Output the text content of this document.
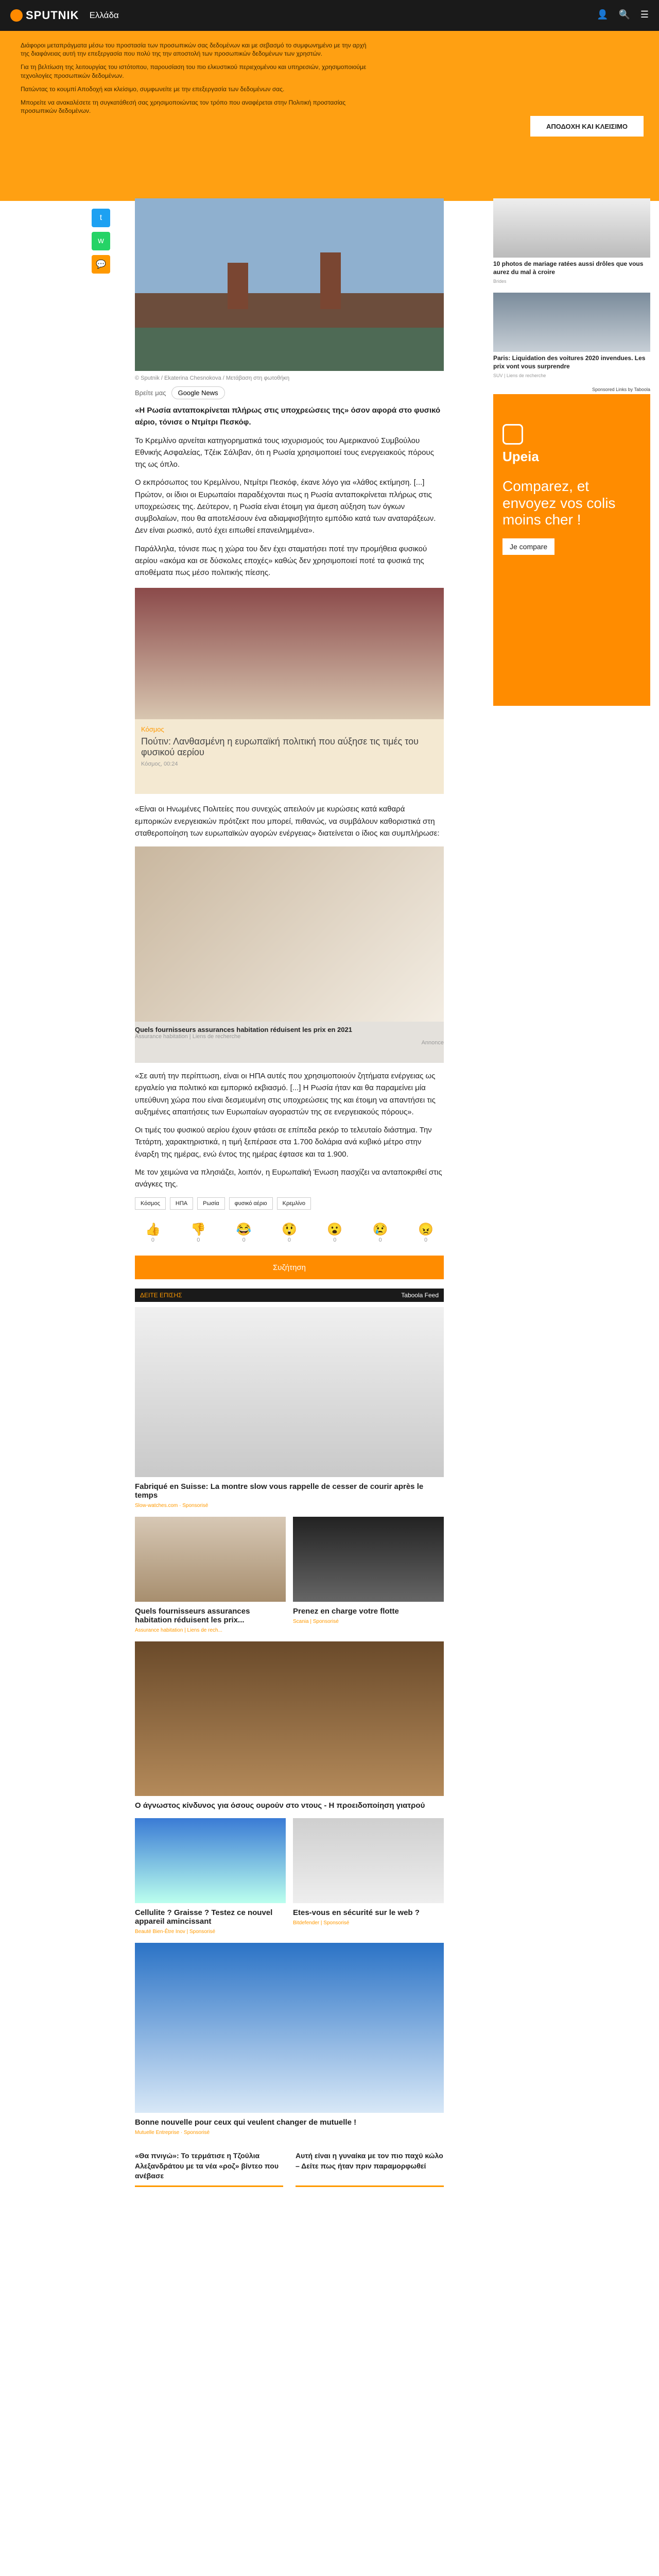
SPUTNIK Ελλάδα	👤 🔍 ☰

Διάφοροι μεταπράγματα μέσω του προστασία των προσωπικών σας δεδομένων και με σεβασμό το συμφωνημένο με την αρχή της διαφάνειας αυτή την επεξεργασία που πολύ της την αποστολή των προσωπικών δεδομένων των χρηστών.

Για τη βελτίωση της λειτουργίας του ιστότοπου, παρουσίαση του πιο ελκυστικού περιεχομένου και υπηρεσιών, χρησιμοποιούμε τεχνολογίες προσωπικών δεδομένων.

Πατώντας το κουμπί Αποδοχή και κλείσιμο, συμφωνείτε με την επεξεργασία των δεδομένων σας.

Μπορείτε να ανακαλέσετε τη συγκατάθεσή σας χρησιμοποιώντας τον τρόπο που αναφέρεται στην Πολιτική προστασίας προσωπικών δεδομένων.

ΑΠΟΔΟΧΗ ΚΑΙ ΚΛΕΙΣΙΜΟ
t
w
💬
© Sputnik / Ekaterina Chesnokova / Μετάβαση στη φωτοθήκη
Βρείτε μας	Google News

«Η Ρωσία ανταποκρίνεται πλήρως στις υποχρεώσεις της» όσον αφορά στο φυσικό αέριο, τόνισε ο Ντμίτρι Πεσκόφ.

Το Κρεμλίνο αρνείται κατηγορηματικά τους ισχυρισμούς του Αμερικανού Συμβούλου Εθνικής Ασφαλείας, Τζέικ Σάλιβαν, ότι η Ρωσία χρησιμοποιεί τους ενεργειακούς πόρους της ως όπλο.

Ο εκπρόσωπος του Κρεμλίνου, Ντμίτρι Πεσκόφ, έκανε λόγο για «λάθος εκτίμηση. [...] Πρώτον, οι ίδιοι οι Ευρωπαίοι παραδέχονται πως η Ρωσία ανταποκρίνεται πλήρως στις υποχρεώσεις της. Δεύτερον, η Ρωσία είναι έτοιμη για άμεση αύξηση των όγκων συμβολαίων, που θα αποτελέσουν ένα αδιαμφισβήτητο εμπόδιο κατά των αναταράξεων. Δεν είναι ρωσικό, αυτό έχει ειπωθεί επανειλημμένα».

Παράλληλα, τόνισε πως η χώρα του δεν έχει σταματήσει ποτέ την προμήθεια φυσικού αερίου «ακόμα και σε δύσκολες εποχές» καθώς δεν χρησιμοποιεί ποτέ τα φυσικά της αποθέματα πως μέσο πολιτικής πίεσης.

Κόσμος
Πούτιν: Λανθασμένη η ευρωπαϊκή πολιτική που αύξησε τις τιμές του φυσικού αερίου
Κόσμος, 00:24

«Είναι οι Ηνωμένες Πολιτείες που συνεχώς απειλούν με κυρώσεις κατά καθαρά εμπορικών ενεργειακών πρότζεκτ που μπορεί, πιθανώς, να συμβάλουν καθοριστικά στη σταθεροποίηση των ευρωπαϊκών αγορών ενέργειας» διατείνεται ο ίδιος και συμπλήρωσε:

Quels fournisseurs assurances habitation réduisent les prix en 2021
Assurance habitation | Liens de recherche
Annonce

«Σε αυτή την περίπτωση, είναι οι ΗΠΑ αυτές που χρησιμοποιούν ζητήματα ενέργειας ως εργαλείο για πολιτικό και εμπορικό εκβιασμό. [...] Η Ρωσία ήταν και θα παραμείνει μία υπεύθυνη χώρα που είναι δεσμευμένη στις υποχρεώσεις της και έτοιμη να απαντήσει τις αυξημένες απαιτήσεις των Ευρωπαίων αγοραστών της σε ενεργειακούς πόρους».

Οι τιμές του φυσικού αερίου έχουν φτάσει σε επίπεδα ρεκόρ το τελευταίο διάστημα. Την Τετάρτη, χαρακτηριστικά, η τιμή ξεπέρασε στα 1.700 δολάρια ανά κυβικό μέτρο στην έναρξη της ημέρας, ενώ έντος της ημέρας έφτασε και τα 1.900.

Με τον χειμώνα να πλησιάζει, λοιπόν, η Ευρωπαϊκή Ένωση πασχίζει να ανταποκριθεί στις ανάγκες της.

Κόσμος	ΗΠΑ	Ρωσία	φυσικό αέριο	Κρεμλίνο
👍
0
👎
0
😂
0
😲
0
😮
0
😢
0
😠
0
Συζήτηση
ΔΕΙΤΕ ΕΠΙΣΗΣ	Taboola Feed
Fabriqué en Suisse: La montre slow vous rappelle de cesser de courir après le temps
Slow-watches.com · Sponsorisé
Quels fournisseurs assurances habitation réduisent les prix...
Assurance habitation | Liens de rech...
Prenez en charge votre flotte
Scania | Sponsorisé
Ο άγνωστος κίνδυνος για όσους ουρούν στο ντους - Η προειδοποίηση γιατρού
Cellulite ? Graisse ? Testez ce nouvel appareil amincissant
Beauté Bien-Être Inov | Sponsorisé
Etes-vous en sécurité sur le web ?
Bitdefender | Sponsorisé
Bonne nouvelle pour ceux qui veulent changer de mutuelle !
Mutuelle Entreprise · Sponsorisé
«Θα πνιγώ»: Το τερμάτισε η Τζούλια Αλεξανδράτου με τα νέα «ροζ» βίντεο που ανέβασε
Αυτή είναι η γυναίκα με τον πιο παχύ κώλο – Δείτε πως ήταν πριν παραμορφωθεί
10 photos de mariage ratées aussi drôles que vous aurez du mal à croire
Brides
Paris: Liquidation des voitures 2020 invendues. Les prix vont vous surprendre
SUV | Liens de recherche
Sponsored Links by Taboola
Upeia
Comparez, et envoyez vos colis moins cher !
Je compare
